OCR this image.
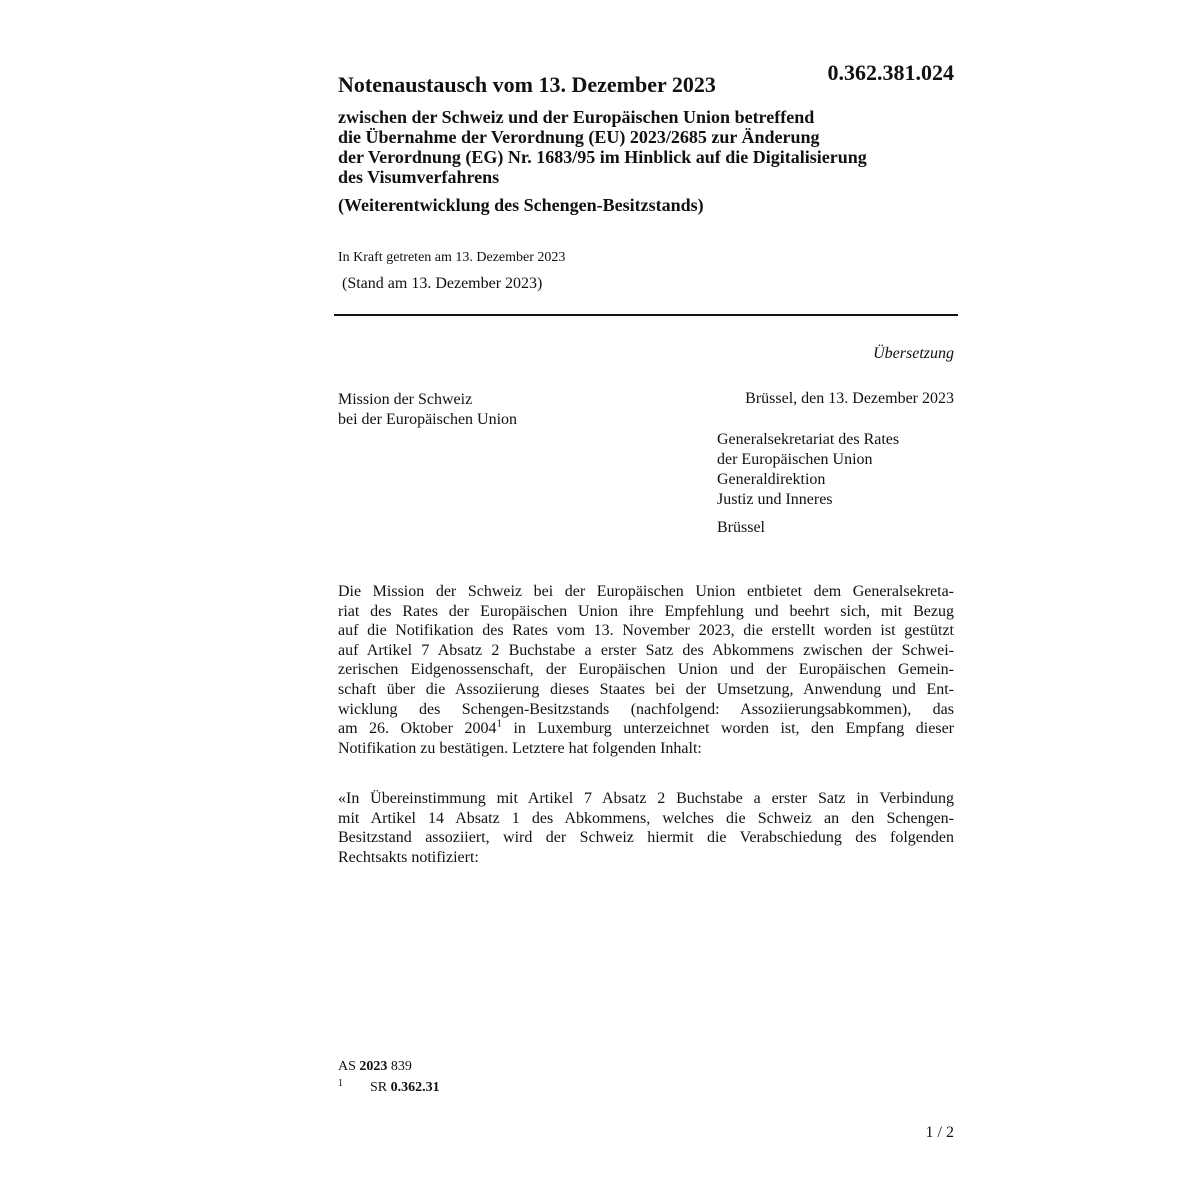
0.362.381.024
Notenaustausch vom 13. Dezember 2023
zwischen der Schweiz und der Europäischen Union betreffend
die Übernahme der Verordnung (EU) 2023/2685 zur Änderung
der Verordnung (EG) Nr. 1683/95 im Hinblick auf die Digitalisierung
des Visumverfahrens
(Weiterentwicklung des Schengen-Besitzstands)
In Kraft getreten am 13. Dezember 2023
(Stand am 13. Dezember 2023)
Übersetzung
Mission der Schweiz
bei der Europäischen Union
Brüssel, den 13. Dezember 2023
Generalsekretariat des Rates
der Europäischen Union
Generaldirektion
Justiz und Inneres
Brüssel
Die Mission der Schweiz bei der Europäischen Union entbietet dem Generalsekreta-
riat des Rates der Europäischen Union ihre Empfehlung und beehrt sich, mit Bezug
auf die Notifikation des Rates vom 13. November 2023, die erstellt worden ist gestützt
auf Artikel 7 Absatz 2 Buchstabe a erster Satz des Abkommens zwischen der Schwei-
zerischen Eidgenossenschaft, der Europäischen Union und der Europäischen Gemein-
schaft über die Assoziierung dieses Staates bei der Umsetzung, Anwendung und Ent-
wicklung des Schengen-Besitzstands (nachfolgend: Assoziierungsabkommen), das
am 26. Oktober 2004$^1$ in Luxemburg unterzeichnet worden ist, den Empfang dieser
Notifikation zu bestätigen. Letztere hat folgenden Inhalt:
«In Übereinstimmung mit Artikel 7 Absatz 2 Buchstabe a erster Satz in Verbindung
mit Artikel 14 Absatz 1 des Abkommens, welches die Schweiz an den Schengen-
Besitzstand assoziiert, wird der Schweiz hiermit die Verabschiedung des folgenden
Rechtsakts notifiziert:
AS 2023 839
1 SR 0.362.31
1 / 2
